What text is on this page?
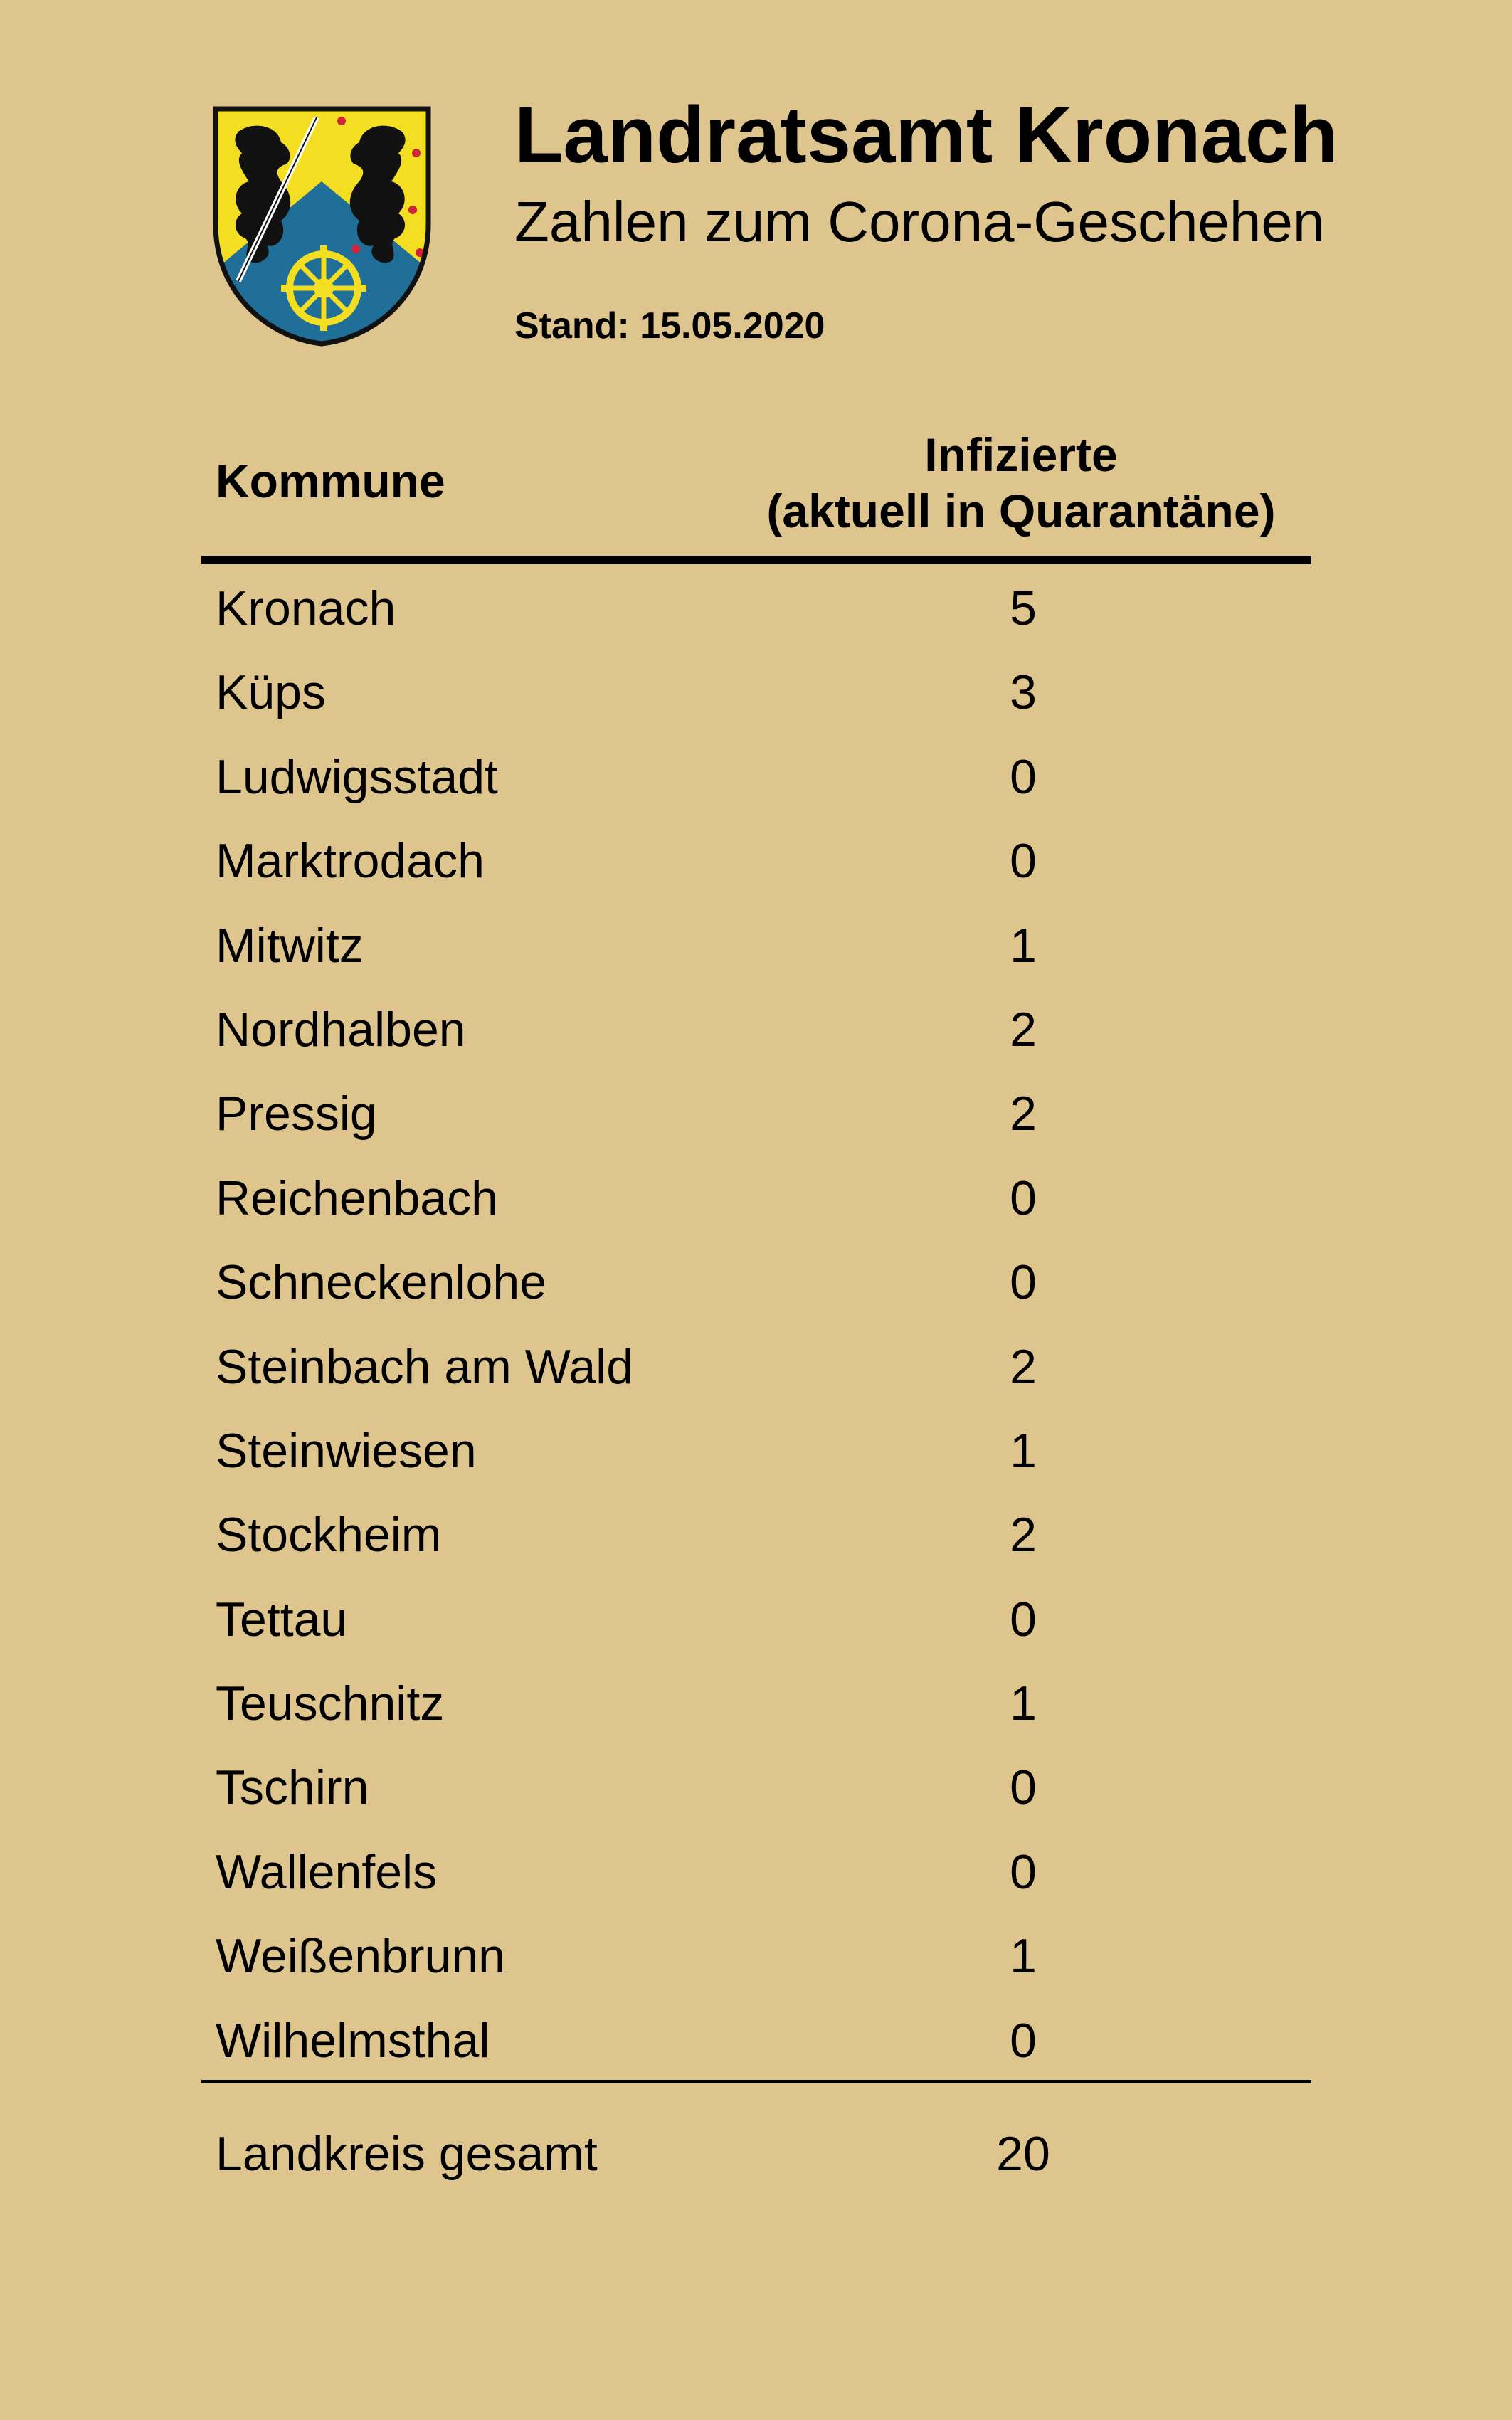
Landratsamt Kronach
Zahlen zum Corona-Geschehen
Stand: 15.05.2020
Kommune	Infizierte
(aktuell in Quarantäne)
Kronach	5
Küps	3
Ludwigsstadt	0
Marktrodach	0
Mitwitz	1
Nordhalben	2
Pressig	2
Reichenbach	0
Schneckenlohe	0
Steinbach am Wald	2
Steinwiesen	1
Stockheim	2
Tettau	0
Teuschnitz	1
Tschirn	0
Wallenfels	0
Weißenbrunn	1
Wilhelmsthal	0
Landkreis gesamt	20
